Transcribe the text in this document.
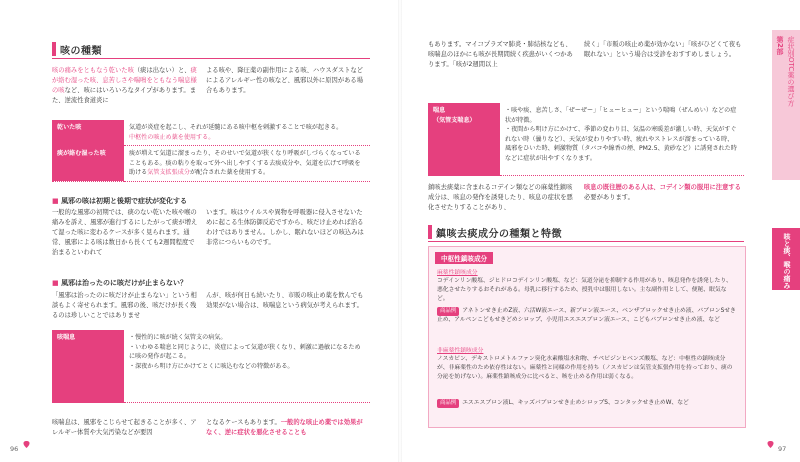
咳の種類
咳の痛みをともなう乾いた咳（痰は出ない）と、痰が絡む湿った咳、息苦しさや喘鳴をともなう喘息様の咳など、咳にはいろいろなタイプがあります。また、逆流性食道炎に
よる咳や、降圧薬の副作用による咳、ハウスダストなどによるアレルギー性の咳など、風邪以外に原因がある場合もあります。
乾いた咳	気道が炎症を起こし、それが延髄にある咳中枢を刺激することで咳が起きる。
中枢性の咳止め薬を使用する。
痰が絡む湿った咳	痰が増えて気道に溜まったり、そのせいで気道が狭くなり呼吸がしづらくなっていることもある。痰の粘りを取って外へ出しやすくする去痰成分や、気道を広げて呼吸を助ける気管支拡張成分が配合された薬を使用する。
■ 風邪の咳は初期と後期で症状が変化する
一般的な風邪の初期では、痰のない乾いた咳や喉の痛みを訴え、風邪が進行するにしたがって痰が増えて湿った咳に変わるケースが多く見られます。通常、風邪による咳は数日から長くても2週間程度で治まるといわれて
います。咳はウイルスや異物を呼吸器に侵入させないために起こる生体防御反応ですから、咳だけ止めれば治るわけではありません。しかし、眠れないほどの咳込みは非常につらいものです。
■ 風邪は治ったのに咳だけが止まらない？
「風邪は治ったのに咳だけが止まらない」という相談もよく寄せられます。風邪の後、咳だけが長く残るのは珍しいことではありませ
んが、咳が何日も続いたり、市販の咳止め薬を飲んでも効果がない場合は、咳喘息という病気が考えられます。
咳喘息	・慢性的に咳が続く気管支の病気。
・いわゆる喘息と同じように、炎症によって気道が狭くなり、刺激に過敏になるために咳の発作が起こる。
・深夜から明け方にかけてとくに咳込むなどの特徴がある。
咳喘息は、風邪をこじらせて起きることが多く、アレルギー体質や大気汚染などが要因
となるケースもあります。一般的な咳止め薬では効果がなく、逆に症状を悪化させることも
96
もあります。マイコプラズマ肺炎・肺結核なども、咳喘息のほかにも咳が長期間続く疾患がいくつかあります。「咳が2週間以上
続く」「市販の咳止め薬が効かない」「咳がひどくて夜も眠れない」という場合は受診をおすすめしましょう。
喘息
（気管支喘息）	
・咳や痰、息苦しさ、「ぜーぜー」「ヒューヒュー」という喘鳴（ぜんめい）などの症状が特徴。
・夜間から明け方にかけて、季節の変わり目、気温の寒暖差が激しい時、天気がすぐれない時（曇りなど）、天気が変わりやすい時、疲れやストレスが溜まっている時、風邪をひいた時、刺激物質（タバコや線香の煙、PM2.5、黄砂など）に誘発された時などに症状が出やすくなります。
鎮咳去痰薬に含まれるコデイン類などの麻薬性鎮咳成分は、咳息の発作を誘発したり、咳息の症状を悪化させたりすることがあり、
咳息の既往歴のある人は、コデイン類の服用に注意する必要があります。
鎮咳去痰成分の種類と特徴
中枢性鎮咳成分
麻薬性鎮咳成分
コデインリン酸塩、ジヒドロコデインリン酸塩、など：気道分泌を抑制する作用があり、咳息発作を誘発したり、悪化させたりするおそれがある。母乳に移行するため、授乳中は服用しない。主な副作用として、便秘、眠気など。
商品例 アネトンせき止めZ液、六活W液エース、新ブロン液エース、ベンザブロックせき止め液、パブロンSせき止め、アルペンこどもせきどめシロップ、小児用エスエスブロン液エース、こどもパブロンせき止め液、など
非麻薬性鎮咳成分
ノスカピン、デキストロメトルファン臭化水素酸塩水和物、チペピジンヒベンズ酸塩、など：中枢性の鎮咳成分が、非麻薬性のため依存性はない。麻薬性と同様の作用を持ち（ノスカピンは気管支拡張作用を持っており、痰の分泌を妨げない）。麻薬性鎮咳成分に比べると、咳を止める作用は弱くなる。
商品例 エスエスブロン液L、キッズパブロンせき止めシロップS、コンタックせき止めW、など
第2部 症状別OTC薬の選び方
咳と痰、喉の痛み
97
